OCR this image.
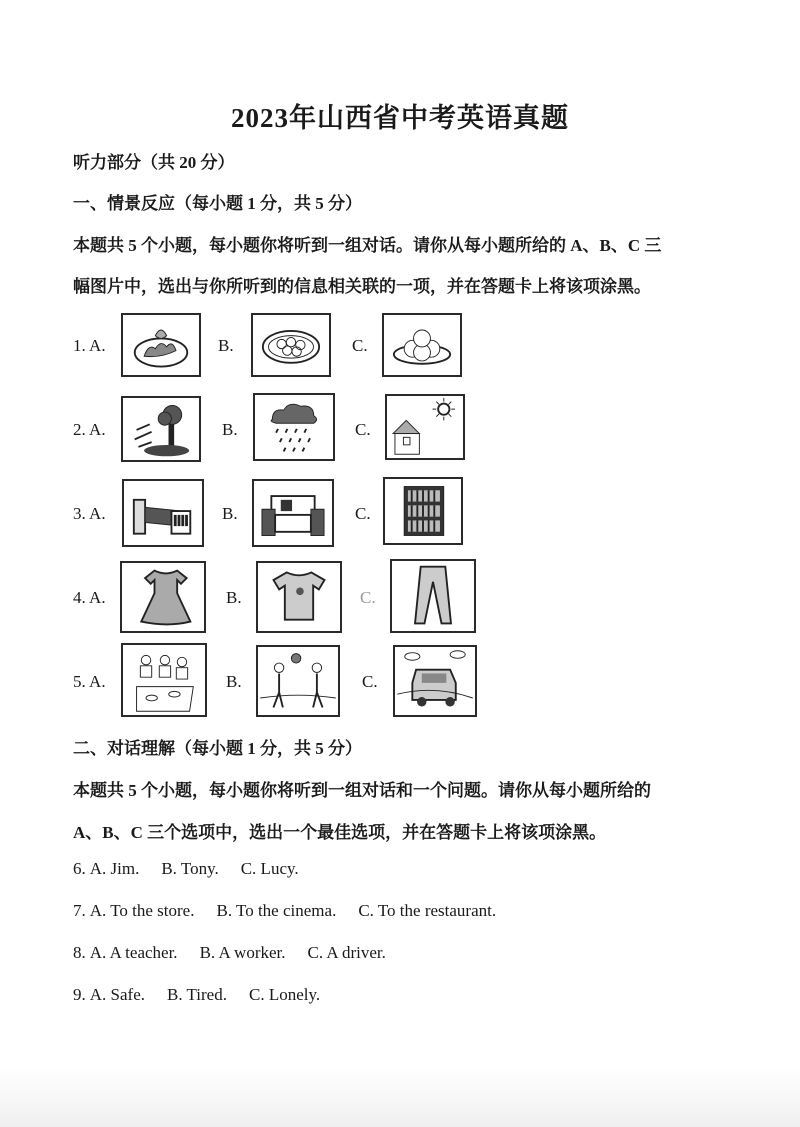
2023年山西省中考英语真题
听力部分（共 20 分）
一、情景反应（每小题 1 分，共 5 分）
本题共 5 个小题，每小题你将听到一组对话。请你从每小题所给的 A、B、C 三
幅图片中，选出与你所听到的信息相关联的一项，并在答题卡上将该项涂黑。
1. A.	B.	C.
2. A.	B.	C.
3. A.	B.	C.
4. A.	B.	C.
5. A.	B.	C.
二、对话理解（每小题 1 分，共 5 分）
本题共 5 个小题，每小题你将听到一组对话和一个问题。请你从每小题所给的
A、B、C 三个选项中，选出一个最佳选项，并在答题卡上将该项涂黑。
6. A. Jim. B. Tony. C. Lucy.
7. A. To the store. B. To the cinema. C. To the restaurant.
8. A. A teacher. B. A worker. C. A driver.
9. A. Safe. B. Tired. C. Lonely.
